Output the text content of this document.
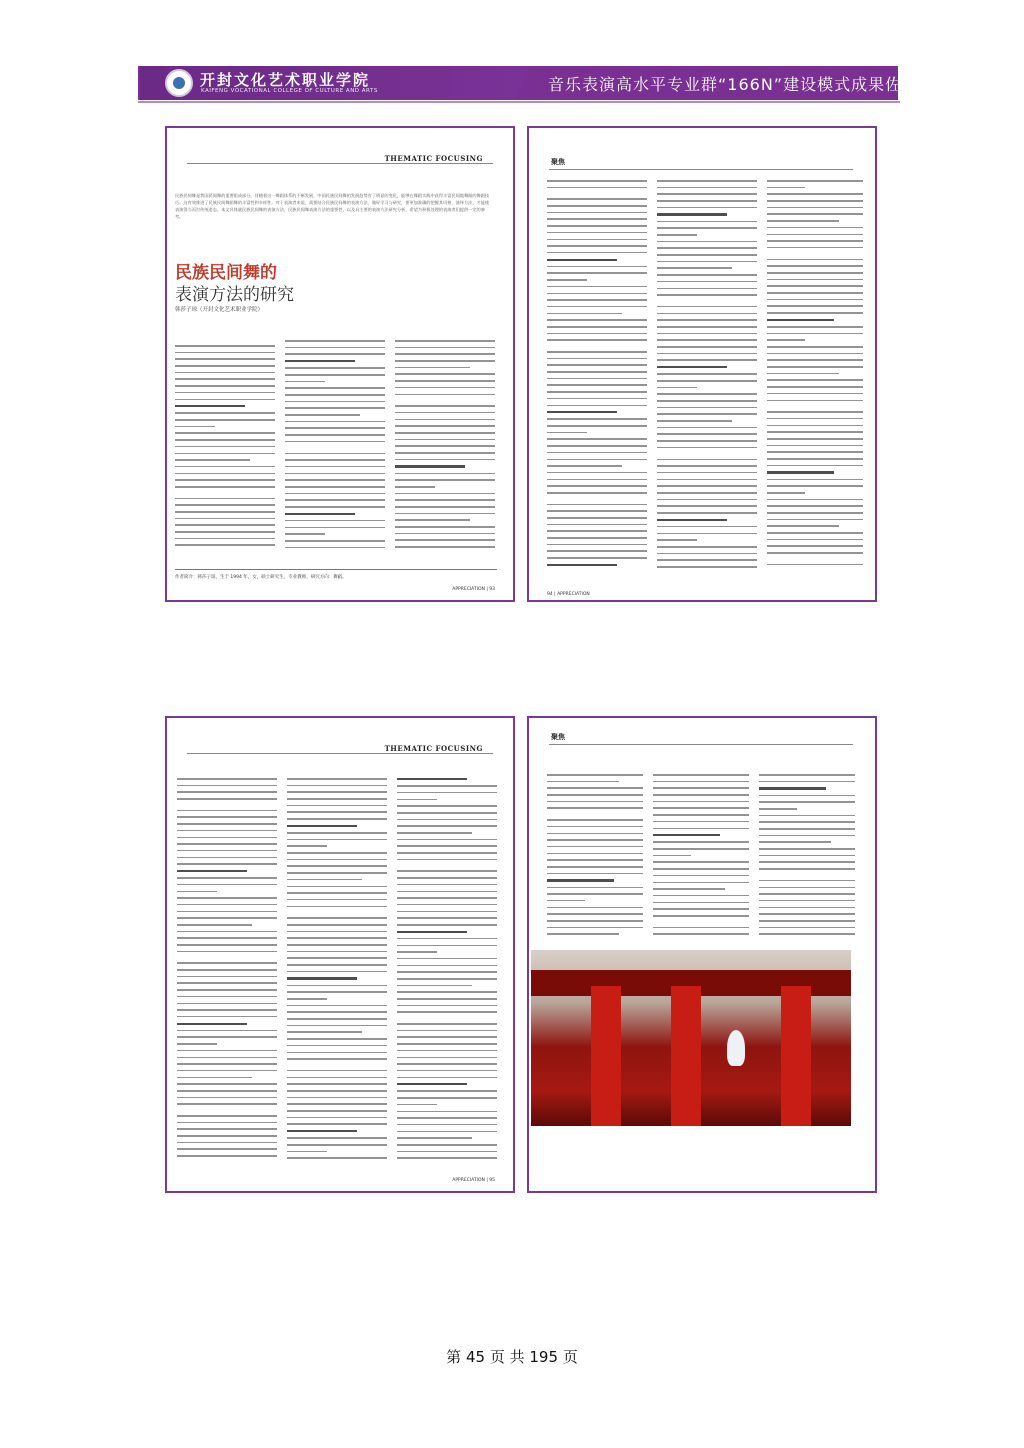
开封文化艺术职业学院
KAIFENG VOCATIONAL COLLEGE OF CULTURE AND ARTS	音乐表演高水平专业群“166N”建设模式成果佐证
THEMATIC FOCUSING
民族民间舞是我国民间舞的重要组成部分，伴随着这一舞蹈体系的不断发展，中国民族民间舞的发展趋势有了明显的变化，能够在舞蹈实践中获得丰富民间地舞蹈的舞蹈技巧。这有效推进了民族民间舞蹈舞的丰富性和多样性。对于表演者来说，需要结合民族民间舞的表演方法，做好学习与研究，要更加准确的把握其风格、演绎方法，才能使表演得当而打传统追态。本文具体就民族民间舞的表演方法，民族民间舞表演方法的重要性，以及具主要的表演方法研究分析，希望为积极处理的表演者们提供一定的参考。
民族民间舞的
表演方法的研究
韩莎子琼（开封文化艺术职业学院）
作者简介：韩莎子琼，生于 1994 年，女，硕士研究生，专业教师，研究方向：舞蹈。
APPRECIATION | 93
聚焦
94 | APPRECIATION
THEMATIC FOCUSING
APPRECIATION | 95
聚焦
第 45 页 共 195 页
